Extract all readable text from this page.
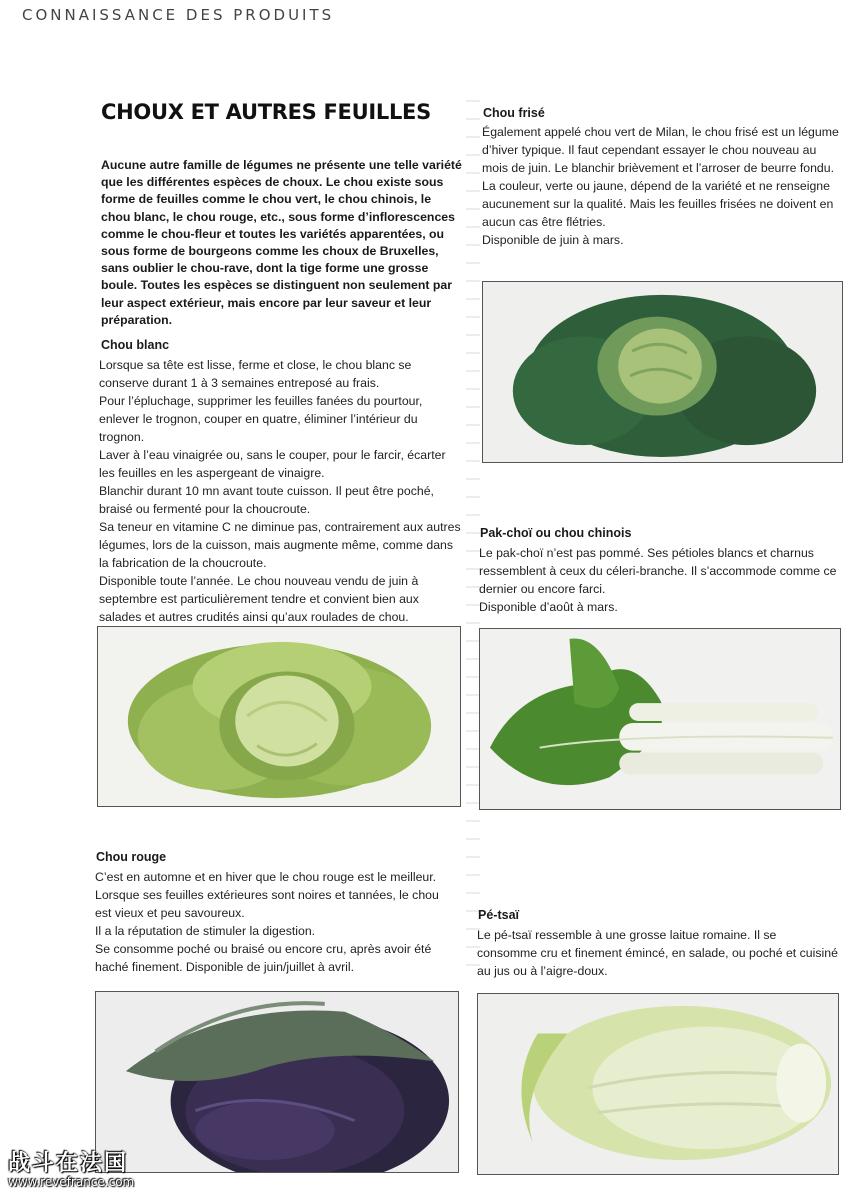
CONNAISSANCE DES PRODUITS
CHOUX ET AUTRES FEUILLES
Aucune autre famille de légumes ne présente une telle variété que les différentes espèces de choux. Le chou existe sous forme de feuilles comme le chou vert, le chou chinois, le chou blanc, le chou rouge, etc., sous forme d’inflorescences comme le chou-fleur et toutes les variétés apparentées, ou sous forme de bourgeons comme les choux de Bruxelles, sans oublier le chou-rave, dont la tige forme une grosse boule. Toutes les espèces se distinguent non seulement par leur aspect extérieur, mais encore par leur saveur et leur préparation.
Chou blanc

Lorsque sa tête est lisse, ferme et close, le chou blanc se conserve durant 1 à 3 semaines entreposé au frais.

Pour l’épluchage, supprimer les feuilles fanées du pourtour, enlever le trognon, couper en quatre, éliminer l’intérieur du trognon.

Laver à l’eau vinaigrée ou, sans le couper, pour le farcir, écarter les feuilles en les aspergeant de vinaigre.

Blanchir durant 10 mn avant toute cuisson. Il peut être poché, braisé ou fermenté pour la choucroute.

Sa teneur en vitamine C ne diminue pas, contrairement aux autres légumes, lors de la cuisson, mais augmente même, comme dans la fabrication de la choucroute.

Disponible toute l’année. Le chou nouveau vendu de juin à septembre est particulièrement tendre et convient bien aux salades et autres crudités ainsi qu’aux roulades de chou.

Chou rouge

C’est en automne et en hiver que le chou rouge est le meilleur.

Lorsque ses feuilles extérieures sont noires et tannées, le chou est vieux et peu savoureux.

Il a la réputation de stimuler la digestion.

Se consomme poché ou braisé ou encore cru, après avoir été haché finement. Disponible de juin/juillet à avril.

Chou frisé

Également appelé chou vert de Milan, le chou frisé est un légume d’hiver typique. Il faut cependant essayer le chou nouveau au mois de juin. Le blanchir brièvement et l’arroser de beurre fondu. La couleur, verte ou jaune, dépend de la variété et ne renseigne aucunement sur la qualité. Mais les feuilles frisées ne doivent en aucun cas être flétries.

Disponible de juin à mars.

Pak-choï ou chou chinois

Le pak-choï n’est pas pommé. Ses pétioles blancs et charnus ressemblent à ceux du céleri-branche. Il s’accommode comme ce dernier ou encore farci.

Disponible d’août à mars.

Pé-tsaï

Le pé-tsaï ressemble à une grosse laitue romaine. Il se consomme cru et finement émincé, en salade, ou poché et cuisiné au jus ou à l’aigre-doux.

战斗在法国
www.revefrance.com
